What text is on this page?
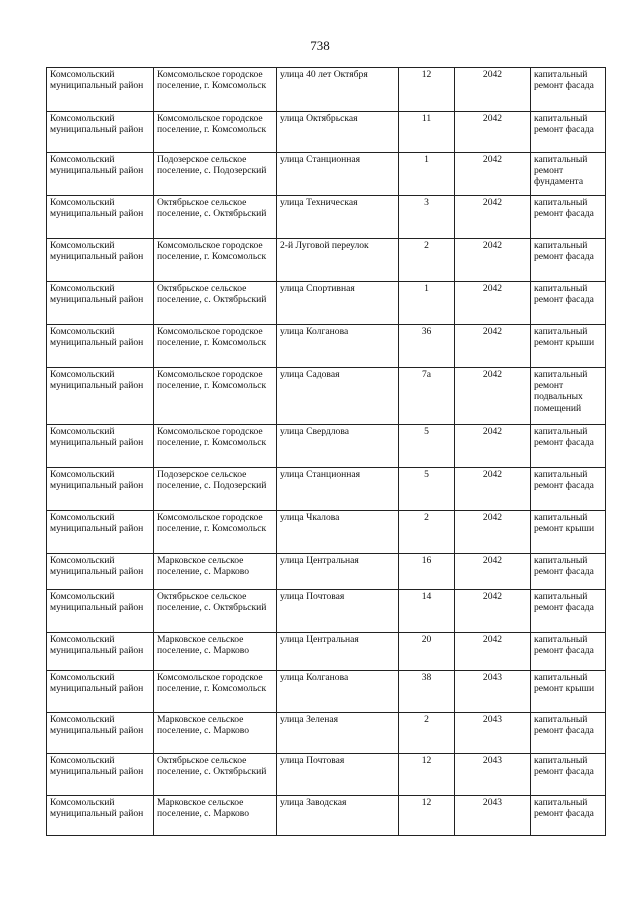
738
Комсомольский муниципальный район	Комсомольское городское поселение, г. Комсомольск	улица 40 лет Октября	12	2042	капитальный ремонт фасада
Комсомольский муниципальный район	Комсомольское городское поселение, г. Комсомольск	улица Октябрьская	11	2042	капитальный ремонт фасада
Комсомольский муниципальный район	Подозерское сельское поселение, с. Подозерский	улица Станционная	1	2042	капитальный ремонт фундамента
Комсомольский муниципальный район	Октябрьское сельское поселение, с. Октябрьский	улица Техническая	3	2042	капитальный ремонт фасада
Комсомольский муниципальный район	Комсомольское городское поселение, г. Комсомольск	2-й Луговой переулок	2	2042	капитальный ремонт фасада
Комсомольский муниципальный район	Октябрьское сельское поселение, с. Октябрьский	улица Спортивная	1	2042	капитальный ремонт фасада
Комсомольский муниципальный район	Комсомольское городское поселение, г. Комсомольск	улица Колганова	36	2042	капитальный ремонт крыши
Комсомольский муниципальный район	Комсомольское городское поселение, г. Комсомольск	улица Садовая	7а	2042	капитальный ремонт подвальных помещений
Комсомольский муниципальный район	Комсомольское городское поселение, г. Комсомольск	улица Свердлова	5	2042	капитальный ремонт фасада
Комсомольский муниципальный район	Подозерское сельское поселение, с. Подозерский	улица Станционная	5	2042	капитальный ремонт фасада
Комсомольский муниципальный район	Комсомольское городское поселение, г. Комсомольск	улица Чкалова	2	2042	капитальный ремонт крыши
Комсомольский муниципальный район	Марковское сельское поселение, с. Марково	улица Центральная	16	2042	капитальный ремонт фасада
Комсомольский муниципальный район	Октябрьское сельское поселение, с. Октябрьский	улица Почтовая	14	2042	капитальный ремонт фасада
Комсомольский муниципальный район	Марковское сельское поселение, с. Марково	улица Центральная	20	2042	капитальный ремонт фасада
Комсомольский муниципальный район	Комсомольское городское поселение, г. Комсомольск	улица Колганова	38	2043	капитальный ремонт крыши
Комсомольский муниципальный район	Марковское сельское поселение, с. Марково	улица Зеленая	2	2043	капитальный ремонт фасада
Комсомольский муниципальный район	Октябрьское сельское поселение, с. Октябрьский	улица Почтовая	12	2043	капитальный ремонт фасада
Комсомольский муниципальный район	Марковское сельское поселение, с. Марково	улица Заводская	12	2043	капитальный ремонт фасада
